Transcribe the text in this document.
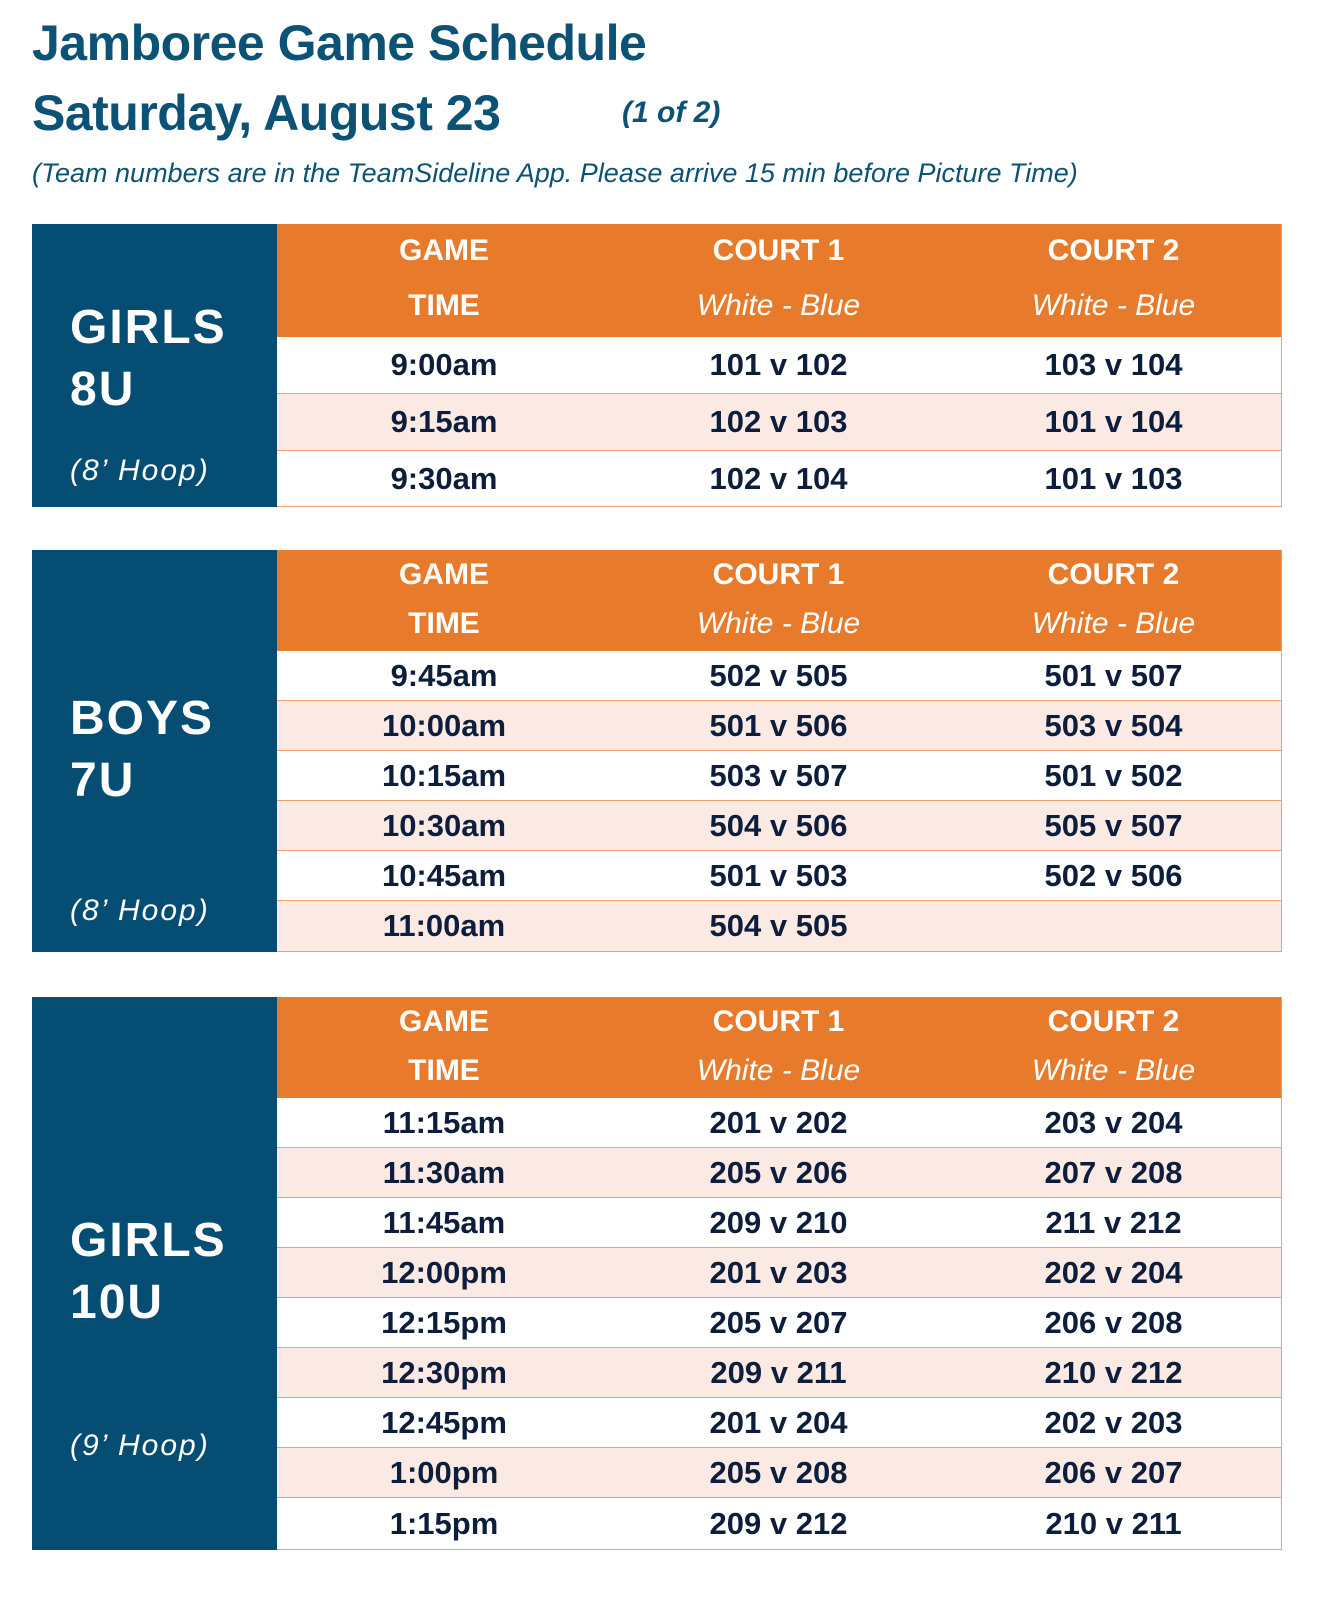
Jamboree Game Schedule
Saturday, August 23	(1 of 2)
(Team numbers are in the TeamSideline App. Please arrive 15 min before Picture Time)
GIRLS
8U
(8’ Hoop)
GAME
TIME
COURT 1
White - Blue
COURT 2
White - Blue
9:00am	101 v 102	103 v 104
9:15am	102 v 103	101 v 104
9:30am	102 v 104	101 v 103
BOYS
7U
(8’ Hoop)
GAME
TIME
COURT 1
White - Blue
COURT 2
White - Blue
9:45am	502 v 505	501 v 507
10:00am	501 v 506	503 v 504
10:15am	503 v 507	501 v 502
10:30am	504 v 506	505 v 507
10:45am	501 v 503	502 v 506
11:00am	504 v 505
GIRLS
10U
(9’ Hoop)
GAME
TIME
COURT 1
White - Blue
COURT 2
White - Blue
11:15am	201 v 202	203 v 204
11:30am	205 v 206	207 v 208
11:45am	209 v 210	211 v 212
12:00pm	201 v 203	202 v 204
12:15pm	205 v 207	206 v 208
12:30pm	209 v 211	210 v 212
12:45pm	201 v 204	202 v 203
1:00pm	205 v 208	206 v 207
1:15pm	209 v 212	210 v 211
